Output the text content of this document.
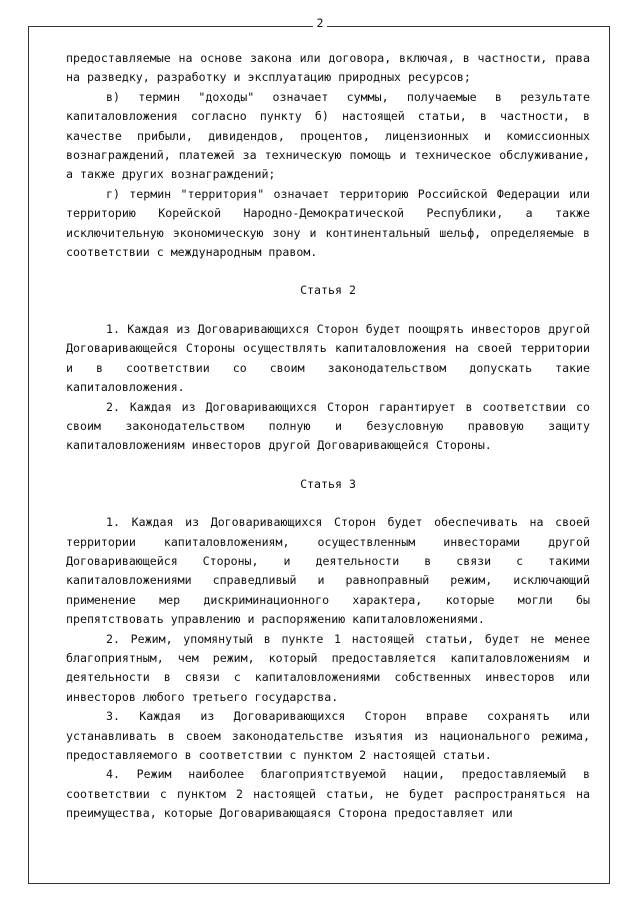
2

предоставляемые на основе закона или договора, включая, в частности, права на разведку, разработку и эксплуатацию природных ресурсов;

в) термин "доходы" означает суммы, получаемые в результате капиталовложения согласно пункту б) настоящей статьи, в частности, в качестве прибыли, дивидендов, процентов, лицензионных и комиссионных вознаграждений, платежей за техническую помощь и техническое обслуживание, а также других вознаграждений;

г) термин "территория" означает территорию Российской Федерации или территорию Корейской Народно-Демократической Республики, а также исключительную экономическую зону и континентальный шельф, определяемые в соответствии с международным правом.

Статья 2

1. Каждая из Договаривающихся Сторон будет поощрять инвесторов другой Договаривающейся Стороны осуществлять капиталовложения на своей территории и в соответствии со своим законодательством допускать такие капиталовложения.

2. Каждая из Договаривающихся Сторон гарантирует в соответствии со своим законодательством полную и безусловную правовую защиту капиталовложениям инвесторов другой Договаривающейся Стороны.

Статья 3

1. Каждая из Договаривающихся Сторон будет обеспечивать на своей территории капиталовложениям, осуществленным инвесторами другой Договаривающейся Стороны, и деятельности в связи с такими капиталовложениями справедливый и равноправный режим, исключающий применение мер дискриминационного характера, которые могли бы препятствовать управлению и распоряжению капиталовложениями.

2. Режим, упомянутый в пункте 1 настоящей статьи, будет не менее благоприятным, чем режим, который предоставляется капиталовложениям и деятельности в связи с капиталовложениями собственных инвесторов или инвесторов любого третьего государства.

3. Каждая из Договаривающихся Сторон вправе сохранять или устанавливать в своем законодательстве изъятия из национального режима, предоставляемого в соответствии с пунктом 2 настоящей статьи.

4. Режим наиболее благоприятствуемой нации, предоставляемый в соответствии с пунктом 2 настоящей статьи, не будет распространяться на преимущества, которые Договаривающаяся Сторона предоставляет или
